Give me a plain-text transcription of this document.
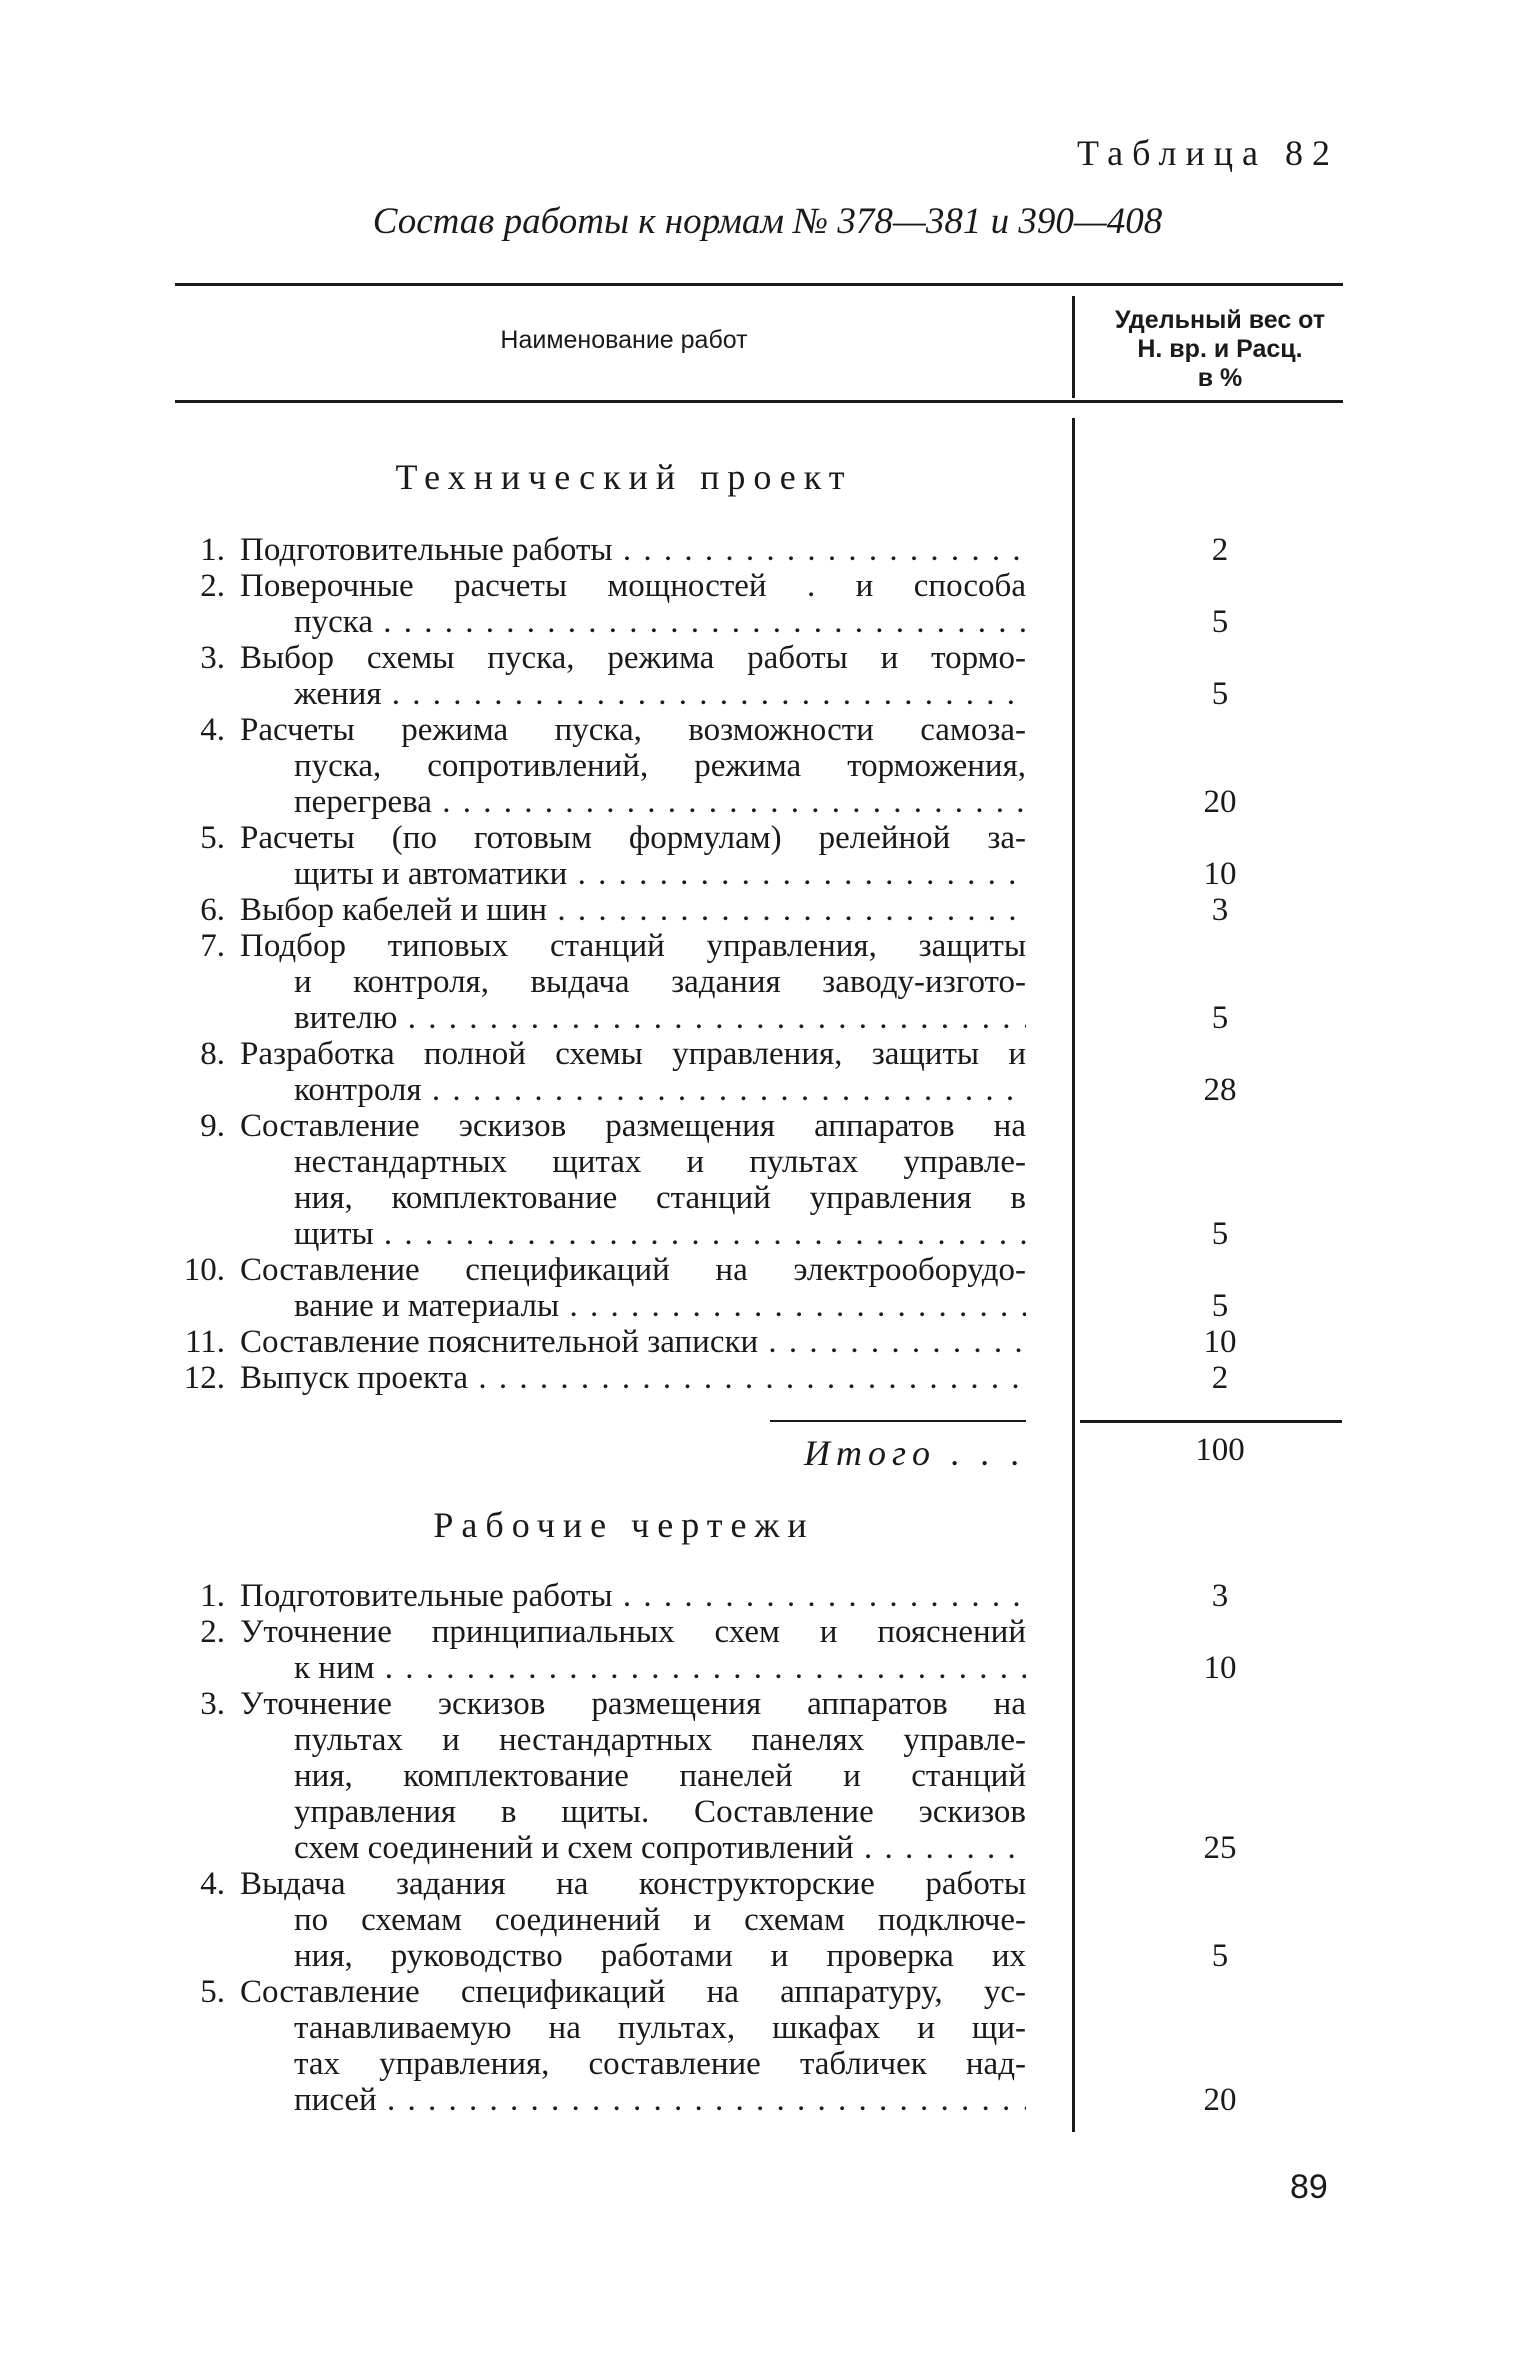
Таблица 82
Состав работы к нормам № 378—381 и 390—408
Наименование работ
Удельный вес от
Н. вр. и Расц.
в %
Технический проект
1. Подготовительные работы . . .	2
2. Поверочные расчеты мощностей . и способа
пуска . . .	5
3. Выбор схемы пуска, режима работы и тормо-
жения . . .	5
4. Расчеты режима пуска, возможности самоза-
пуска, сопротивлений, режима торможения,
перегрева . . .	20
5. Расчеты (по готовым формулам) релейной за-
щиты и автоматики . . .	10
6. Выбор кабелей и шин . . .	3
7. Подбор типовых станций управления, защиты
и контроля, выдача задания заводу-изгото-
вителю . . .	5
8. Разработка полной схемы управления, защиты и
контроля . . .	28
9. Составление эскизов размещения аппаратов на
нестандартных щитах и пультах управле-
ния, комплектование станций управления в
щиты . . .	5
10. Составление спецификаций на электрооборудо-
вание и материалы . . .	5
11. Составление пояснительной записки . . .	10
12. Выпуск проекта . . .	2
Итого . . .	100
Рабочие чертежи
1. Подготовительные работы . . .	3
2. Уточнение принципиальных схем и пояснений
к ним . . .	10
3. Уточнение эскизов размещения аппаратов на
пультах и нестандартных панелях управле-
ния, комплектование панелей и станций
управления в щиты. Составление эскизов
схем соединений и схем сопротивлений . . .	25
4. Выдача задания на конструкторские работы
по схемам соединений и схемам подключе-
ния, руководство работами и проверка их	5
5. Составление спецификаций на аппаратуру, ус-
танавливаемую на пультах, шкафах и щи-
тах управления, составление табличек над-
писей . . .	20
89
